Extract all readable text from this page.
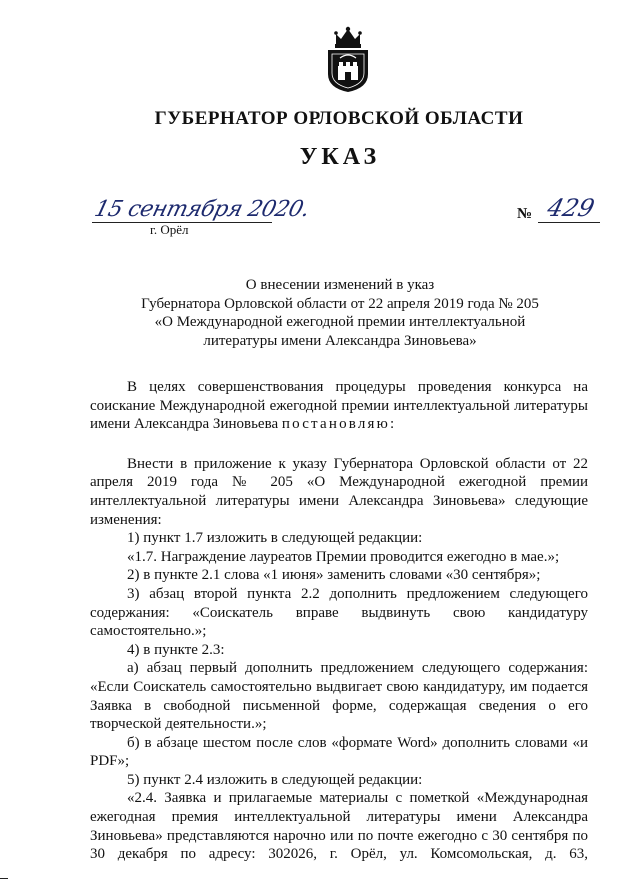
ГУБЕРНАТОР ОРЛОВСКОЙ ОБЛАСТИ
УКАЗ
15 сентября 2020.
г. Орёл
№ 429
О внесении изменений в указ
Губернатора Орловской области от 22 апреля 2019 года № 205
«О Международной ежегодной премии интеллектуальной
литературы имени Александра Зиновьева»

В целях совершенствования процедуры проведения конкурса на соискание Международной ежегодной премии интеллектуальной литературы имени Александра Зиновьева постановляю:

Внести в приложение к указу Губернатора Орловской области от 22 апреля 2019 года № 205 «О Международной ежегодной премии интеллектуальной литературы имени Александра Зиновьева» следующие изменения:

1) пункт 1.7 изложить в следующей редакции:

«1.7. Награждение лауреатов Премии проводится ежегодно в мае.»;

2) в пункте 2.1 слова «1 июня» заменить словами «30 сентября»;

3) абзац второй пункта 2.2 дополнить предложением следующего содержания: «Соискатель вправе выдвинуть свою кандидатуру самостоятельно.»;

4) в пункте 2.3:

а) абзац первый дополнить предложением следующего содержания: «Если Соискатель самостоятельно выдвигает свою кандидатуру, им подается Заявка в свободной письменной форме, содержащая сведения о его творческой деятельности.»;

б) в абзаце шестом после слов «формате Word» дополнить словами «и PDF»;

5) пункт 2.4 изложить в следующей редакции:

«2.4. Заявка и прилагаемые материалы с пометкой «Международная ежегодная премия интеллектуальной литературы имени Александра Зиновьева» представляются нарочно или по почте ежегодно с 30 сентября по 30 декабря по адресу: 302026, г. Орёл, ул. Комсомольская, д. 63,
